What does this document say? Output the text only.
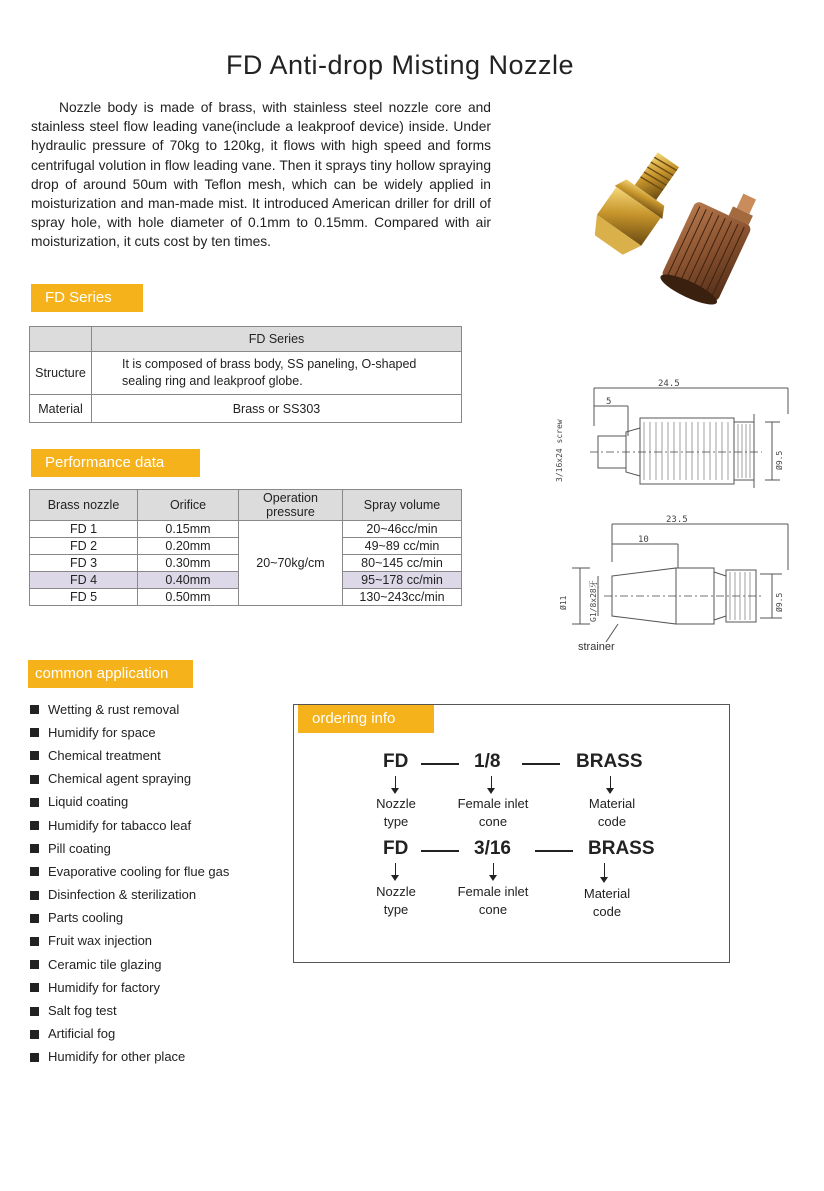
FD Anti-drop Misting Nozzle

Nozzle body is made of brass, with stainless steel nozzle core and stainless steel flow leading vane(include a leakproof device) inside. Under hydraulic pressure of 70kg to 120kg, it flows with high speed and forms centrifugal volution in flow leading vane. Then it sprays tiny hollow spraying drop of around 50um with Teflon mesh, which can be widely applied in moisturization and man-made mist. It introduced American driller for drill of spray hole, with hole diameter of 0.1mm to 0.15mm. Compared with air moisturization, it cuts cost by ten times.

FD Series
	FD Series
Structure	It is composed of brass body, SS paneling, O-shaped sealing ring and leakproof globe.
Material	Brass or SS303
Performance data
Brass nozzle	Orifice	Operation pressure	Spray volume
FD 1	0.15mm	20~70kg/cm	20~46cc/min
FD 2	0.20mm		49~89 cc/min
FD 3	0.30mm		80~145 cc/min
FD 4	0.40mm		95~178 cc/min
FD 5	0.50mm		130~243cc/min
24.5
5
3/16x24 screw	Ø9.5
23.5
10
Ø11	G1/8x28牙	Ø9.5
strainer
common application
Wetting & rust removal
Humidify for space
Chemical treatment
Chemical agent spraying
Liquid coating
Humidify for tabacco leaf
Pill coating
Evaporative cooling for flue gas
Disinfection & sterilization
Parts cooling
Fruit wax injection
Ceramic tile glazing
Humidify for factory
Salt fog test
Artificial fog
Humidify for other place
ordering info
FD	1/8	BRASS
Nozzle type
Female inlet cone
Material code
FD	3/16	BRASS
Nozzle type
Female inlet cone
Material code
